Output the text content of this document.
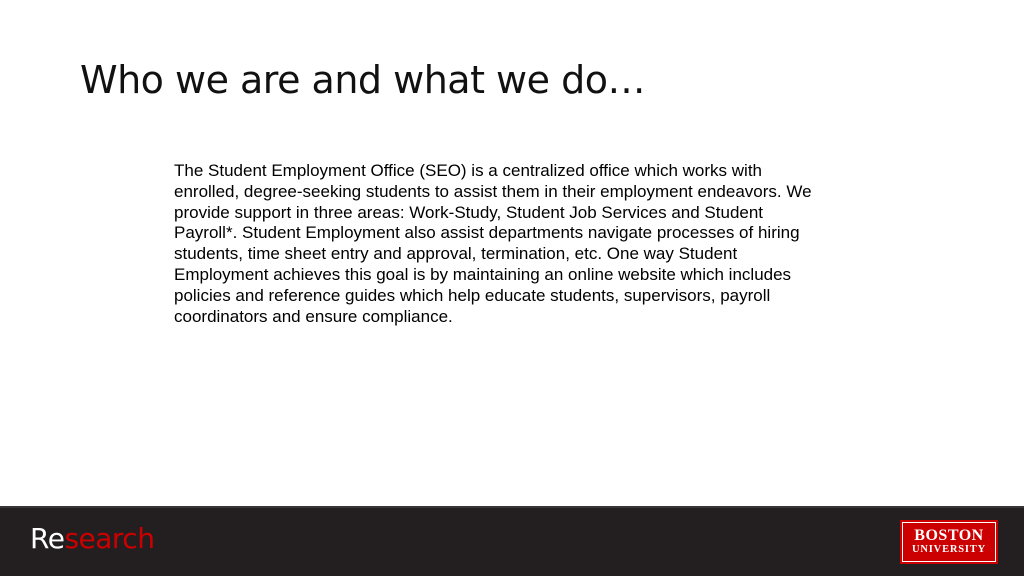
Who we are and what we do…
The Student Employment Office (SEO) is a centralized office which works with enrolled, degree-seeking students to assist them in their employment endeavors. We provide support in three areas: Work-Study, Student Job Services and Student Payroll*. Student Employment also assist departments navigate processes of hiring students, time sheet entry and approval, termination, etc. One way Student Employment achieves this goal is by maintaining an online website which includes policies and reference guides which help educate students, supervisors, payroll coordinators and ensure compliance.
Research	BOSTON
UNIVERSITY
